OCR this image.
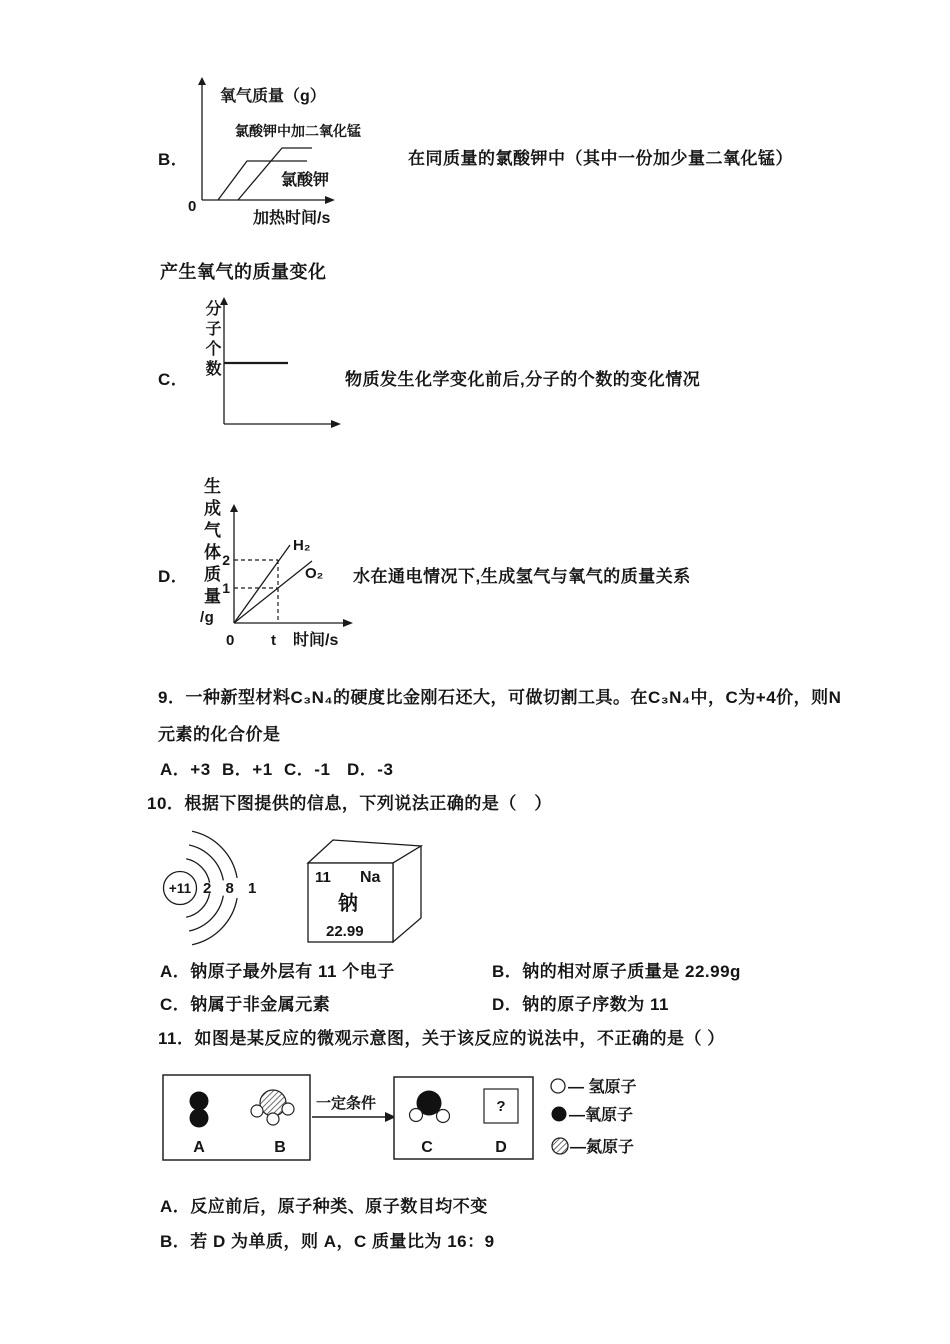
B．
氧气质量（g）
氯酸钾中加二氧化锰
氯酸钾
0
加热时间/s
在同质量的氯酸钾中（其中一份加少量二氧化锰）
产生氧气的质量变化
C． 分子个数	物质发生化学变化前后,分子的个数的变化情况
D． 生成气体质量
/g
2
1
H₂
O₂
0 t 时间/s
水在通电情况下,生成氢气与氧气的质量关系
9．一种新型材料C₃N₄的硬度比金刚石还大，可做切割工具。在C₃N₄中，C为+4价，则N
元素的化合价是
A．+3 B．+1 C．-1 D．-3
10．根据下图提供的信息，下列说法正确的是（　）
+11 2 8 1
11 Na
钠
22.99
A．钠原子最外层有 11 个电子	B．钠的相对原子质量是 22.99g
C．钠属于非金属元素	D．钠的原子序数为 11
11．如图是某反应的微观示意图，关于该反应的说法中，不正确的是（ ）
A	B
一定条件	?
C	D
— 氢原子
—氧原子
—氮原子
A．反应前后，原子种类、原子数目均不变
B．若 D 为单质，则 A，C 质量比为 16：9
